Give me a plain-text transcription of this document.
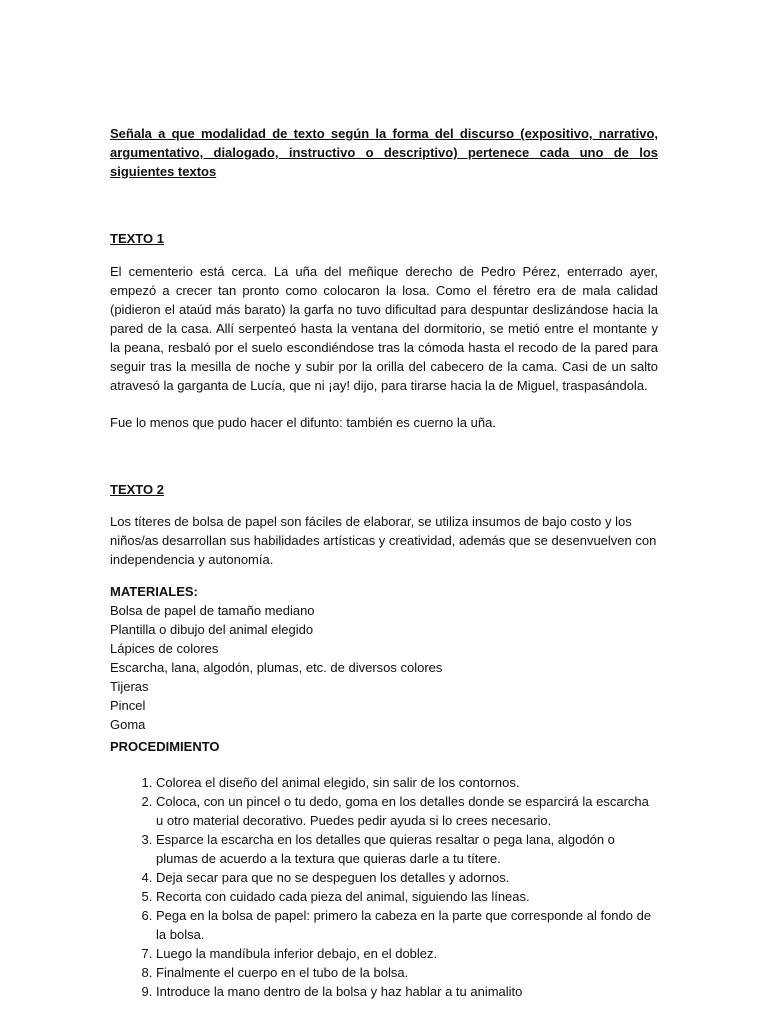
Señala a que modalidad de texto según la forma del discurso (expositivo, narrativo, argumentativo, dialogado, instructivo o descriptivo) pertenece cada uno de los siguientes textos
TEXTO 1
El cementerio está cerca. La uña del meñique derecho de Pedro Pérez, enterrado ayer, empezó a crecer tan pronto como colocaron la losa. Como el féretro era de mala calidad (pidieron el ataúd más barato) la garfa no tuvo dificultad para despuntar deslizándose hacia la pared de la casa. Allí serpenteó hasta la ventana del dormitorio, se metió entre el montante y la peana, resbaló por el suelo escondiéndose tras la cómoda hasta el recodo de la pared para seguir tras la mesilla de noche y subir por la orilla del cabecero de la cama. Casi de un salto atravesó la garganta de Lucía, que ni ¡ay! dijo, para tirarse hacia la de Miguel, traspasándola.
Fue lo menos que pudo hacer el difunto: también es cuerno la uña.
TEXTO 2
Los títeres de bolsa de papel son fáciles de elaborar, se utiliza insumos de bajo costo y los niños/as desarrollan sus habilidades artísticas y creatividad, además que se desenvuelven con independencia y autonomía.
MATERIALES:
Bolsa de papel de tamaño mediano
Plantilla o dibujo del animal elegido
Lápices de colores
Escarcha, lana, algodón, plumas, etc. de diversos colores
Tijeras
Pincel
Goma
PROCEDIMIENTO
1. Colorea el diseño del animal elegido, sin salir de los contornos.
2. Coloca, con un pincel o tu dedo, goma en los detalles donde se esparcirá la escarcha u otro material decorativo. Puedes pedir ayuda si lo crees necesario.
3. Esparce la escarcha en los detalles que quieras resaltar o pega lana, algodón o plumas de acuerdo a la textura que quieras darle a tu títere.
4. Deja secar para que no se despeguen los detalles y adornos.
5. Recorta con cuidado cada pieza del animal, siguiendo las líneas.
6. Pega en la bolsa de papel: primero la cabeza en la parte que corresponde al fondo de la bolsa.
7. Luego la mandíbula inferior debajo, en el doblez.
8. Finalmente el cuerpo en el tubo de la bolsa.
9. Introduce la mano dentro de la bolsa y haz hablar a tu animalito
